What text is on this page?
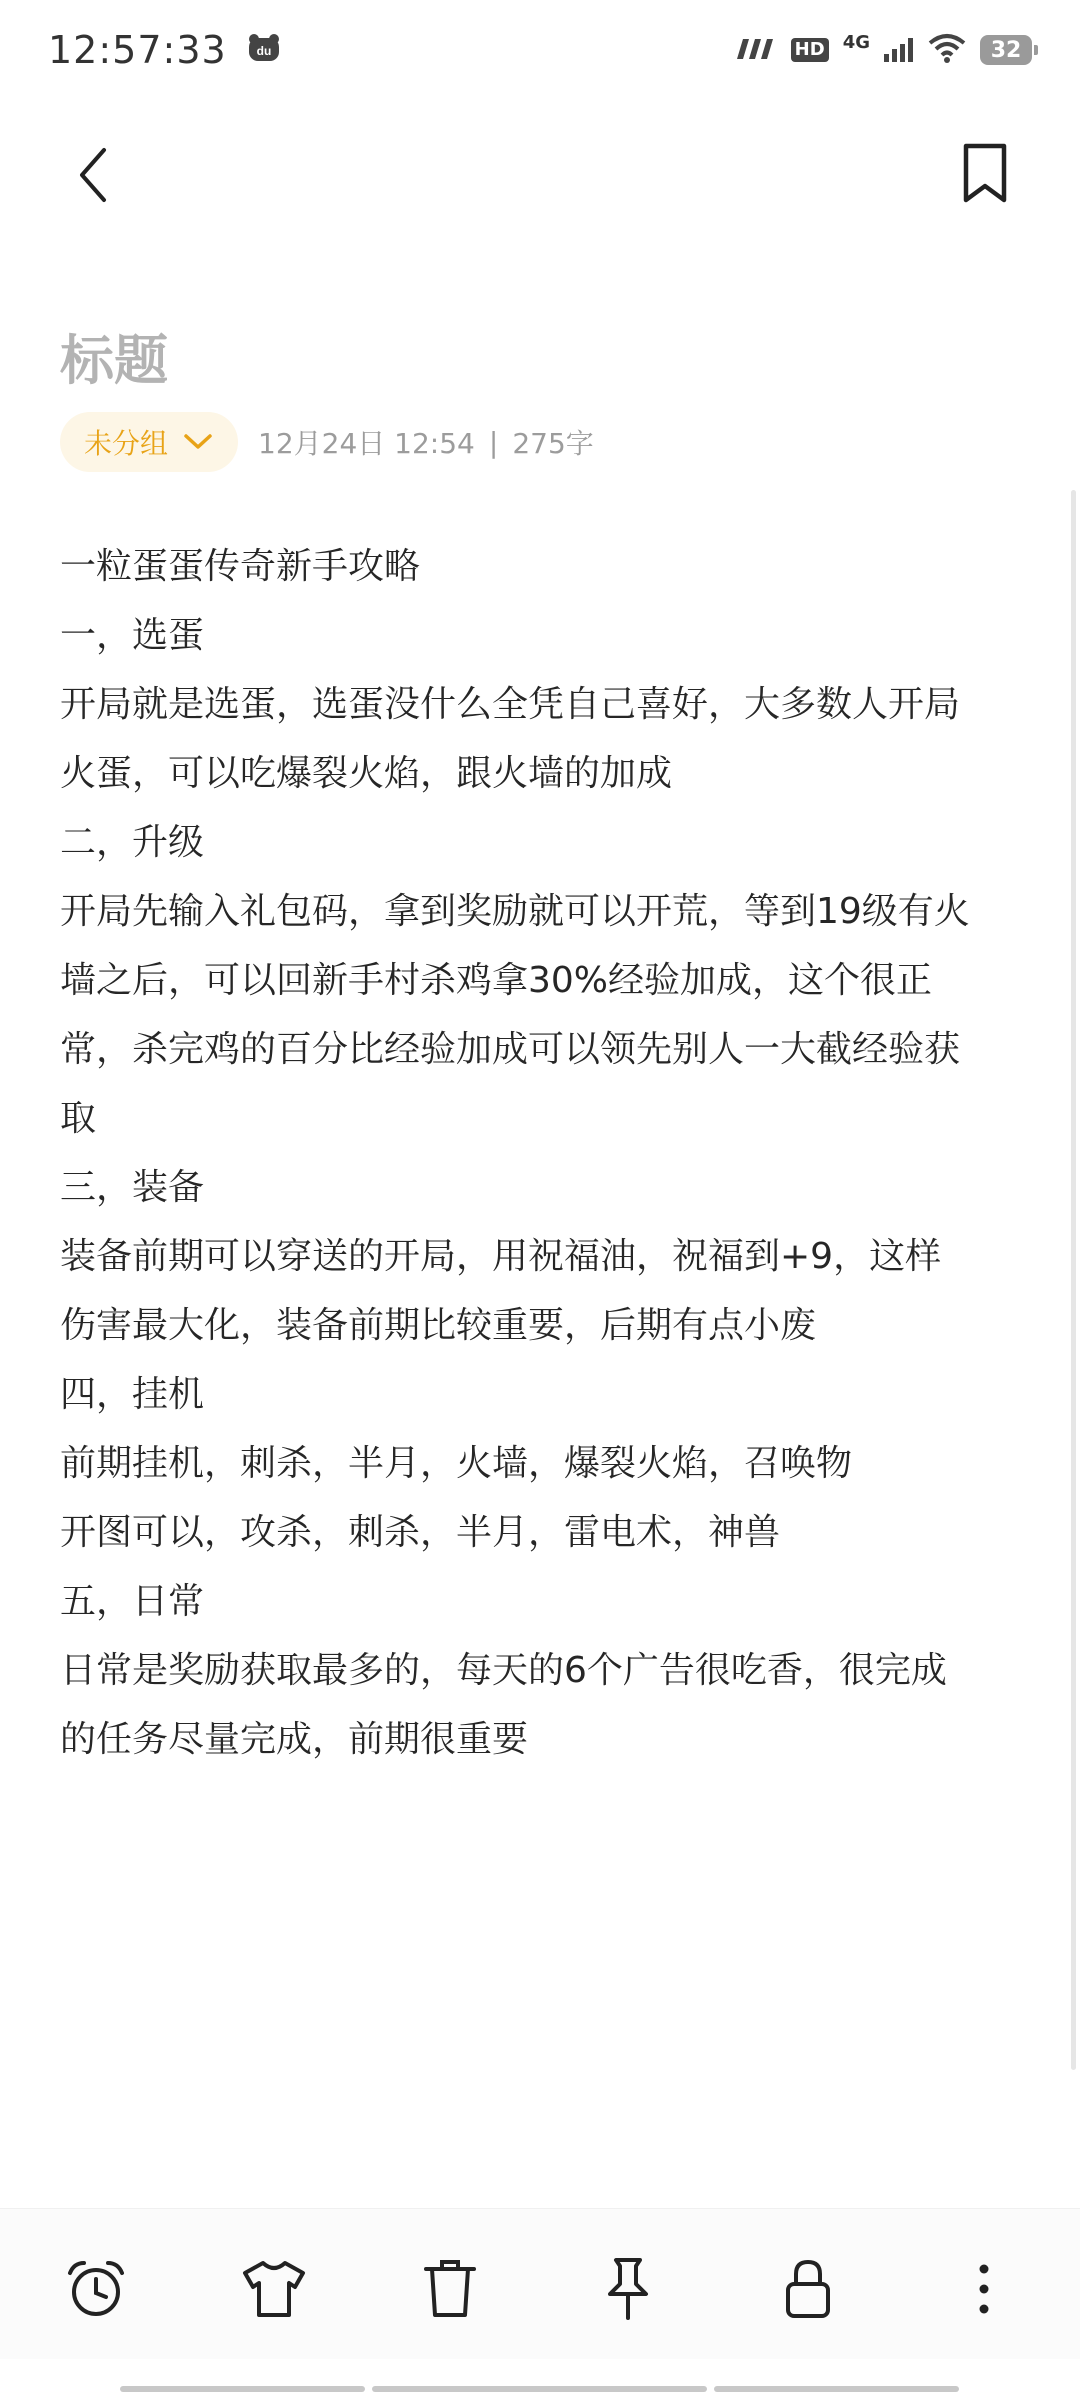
12:57:33 du	HD 4G	32
标题
未分组	12月24日 12:54 | 275字
一粒蛋蛋传奇新手攻略
一，选蛋
开局就是选蛋，选蛋没什么全凭自己喜好，大多数人开局
火蛋，可以吃爆裂火焰，跟火墙的加成
二，升级
开局先输入礼包码，拿到奖励就可以开荒，等到19级有火
墙之后，可以回新手村杀鸡拿30%经验加成，这个很正
常，杀完鸡的百分比经验加成可以领先别人一大截经验获
取
三，装备
装备前期可以穿送的开局，用祝福油，祝福到+9，这样
伤害最大化，装备前期比较重要，后期有点小废
四，挂机
前期挂机，刺杀，半月，火墙，爆裂火焰，召唤物
开图可以，攻杀，刺杀，半月，雷电术，神兽
五，日常
日常是奖励获取最多的，每天的6个广告很吃香，很完成
的任务尽量完成，前期很重要
